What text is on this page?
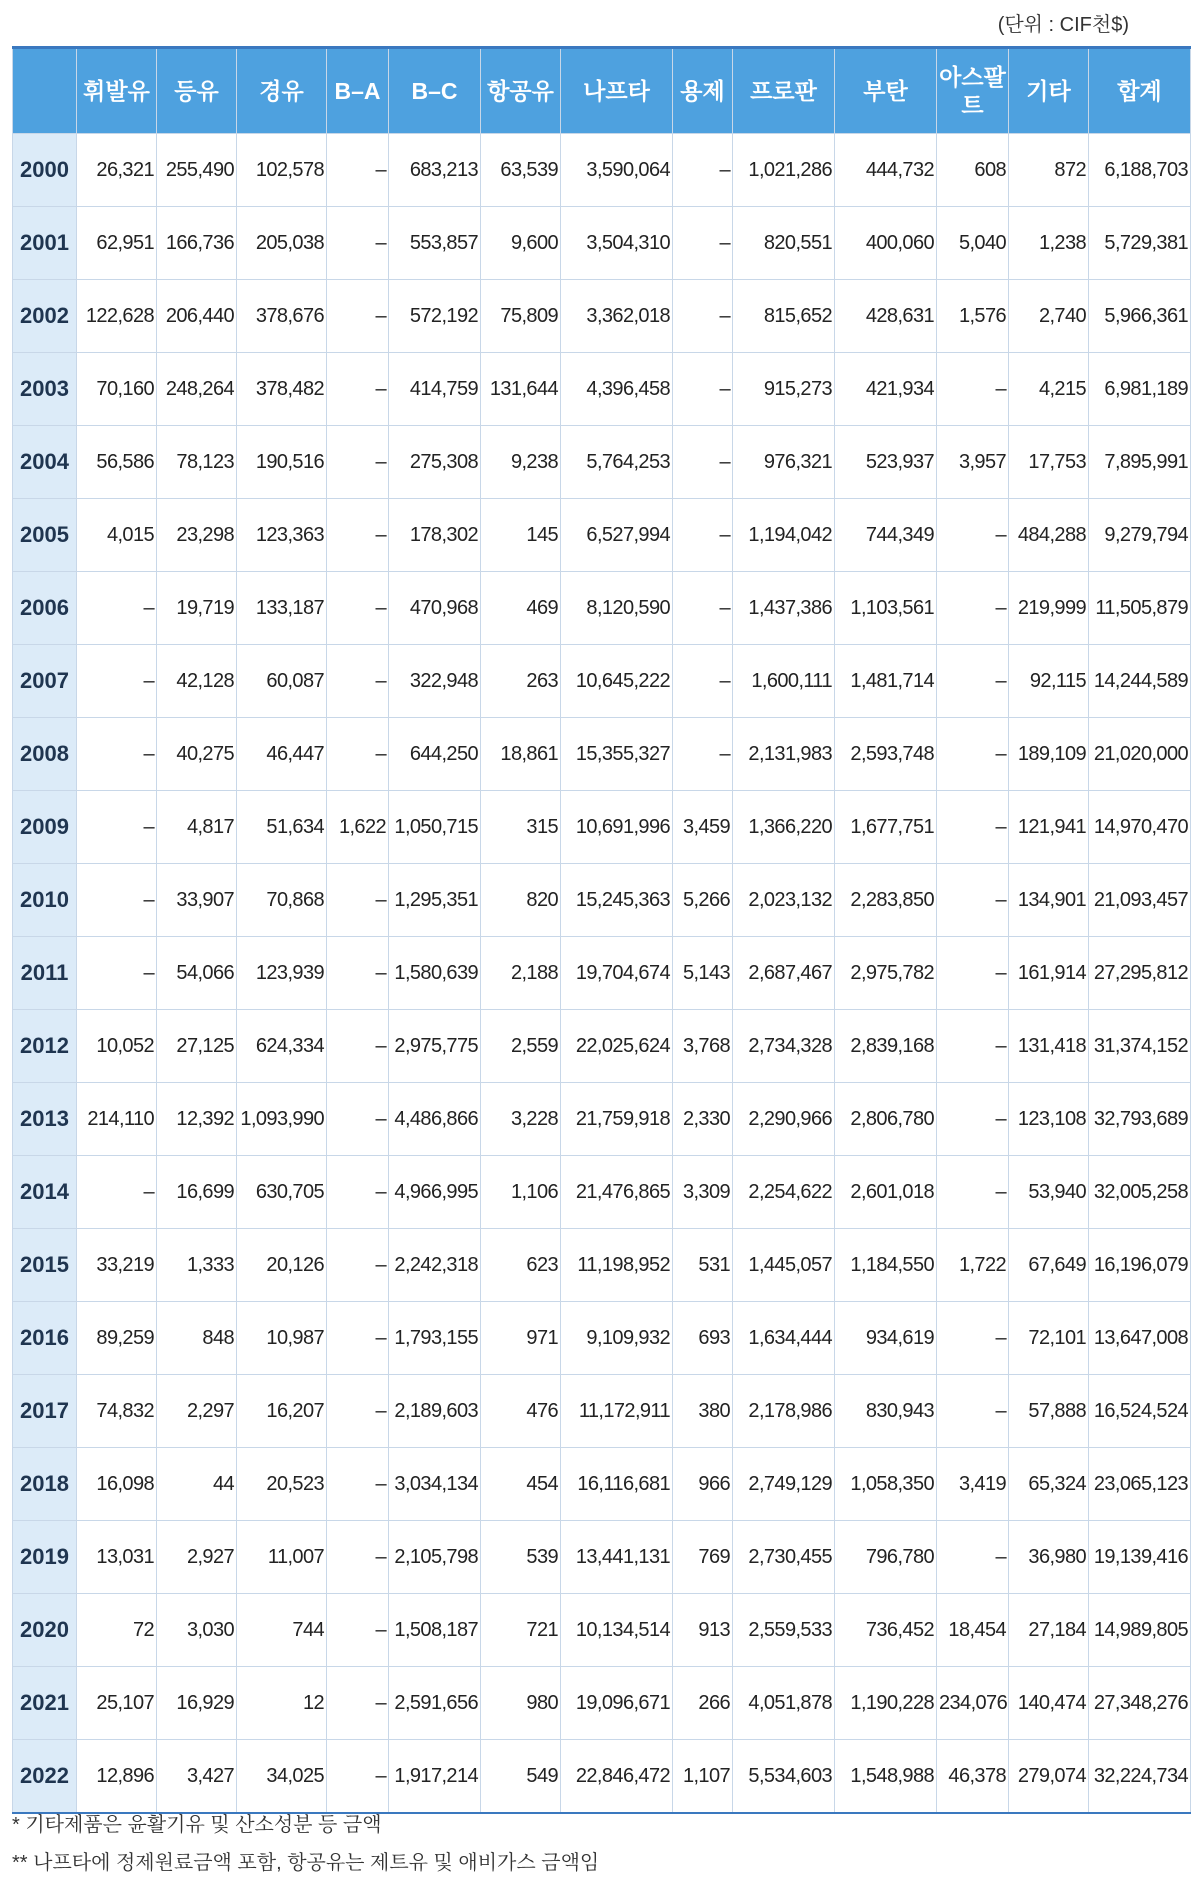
(단위 : CIF천$)
	휘발유	등유	경유	B–A	B–C	항공유	나프타	용제	프로판	부탄	아스팔트	기타	합계
2000	26,321	255,490	102,578	–	683,213	63,539	3,590,064	–	1,021,286	444,732	608	872	6,188,703
2001	62,951	166,736	205,038	–	553,857	9,600	3,504,310	–	820,551	400,060	5,040	1,238	5,729,381
2002	122,628	206,440	378,676	–	572,192	75,809	3,362,018	–	815,652	428,631	1,576	2,740	5,966,361
2003	70,160	248,264	378,482	–	414,759	131,644	4,396,458	–	915,273	421,934	–	4,215	6,981,189
2004	56,586	78,123	190,516	–	275,308	9,238	5,764,253	–	976,321	523,937	3,957	17,753	7,895,991
2005	4,015	23,298	123,363	–	178,302	145	6,527,994	–	1,194,042	744,349	–	484,288	9,279,794
2006	–	19,719	133,187	–	470,968	469	8,120,590	–	1,437,386	1,103,561	–	219,999	11,505,879
2007	–	42,128	60,087	–	322,948	263	10,645,222	–	1,600,111	1,481,714	–	92,115	14,244,589
2008	–	40,275	46,447	–	644,250	18,861	15,355,327	–	2,131,983	2,593,748	–	189,109	21,020,000
2009	–	4,817	51,634	1,622	1,050,715	315	10,691,996	3,459	1,366,220	1,677,751	–	121,941	14,970,470
2010	–	33,907	70,868	–	1,295,351	820	15,245,363	5,266	2,023,132	2,283,850	–	134,901	21,093,457
2011	–	54,066	123,939	–	1,580,639	2,188	19,704,674	5,143	2,687,467	2,975,782	–	161,914	27,295,812
2012	10,052	27,125	624,334	–	2,975,775	2,559	22,025,624	3,768	2,734,328	2,839,168	–	131,418	31,374,152
2013	214,110	12,392	1,093,990	–	4,486,866	3,228	21,759,918	2,330	2,290,966	2,806,780	–	123,108	32,793,689
2014	–	16,699	630,705	–	4,966,995	1,106	21,476,865	3,309	2,254,622	2,601,018	–	53,940	32,005,258
2015	33,219	1,333	20,126	–	2,242,318	623	11,198,952	531	1,445,057	1,184,550	1,722	67,649	16,196,079
2016	89,259	848	10,987	–	1,793,155	971	9,109,932	693	1,634,444	934,619	–	72,101	13,647,008
2017	74,832	2,297	16,207	–	2,189,603	476	11,172,911	380	2,178,986	830,943	–	57,888	16,524,524
2018	16,098	44	20,523	–	3,034,134	454	16,116,681	966	2,749,129	1,058,350	3,419	65,324	23,065,123
2019	13,031	2,927	11,007	–	2,105,798	539	13,441,131	769	2,730,455	796,780	–	36,980	19,139,416
2020	72	3,030	744	–	1,508,187	721	10,134,514	913	2,559,533	736,452	18,454	27,184	14,989,805
2021	25,107	16,929	12	–	2,591,656	980	19,096,671	266	4,051,878	1,190,228	234,076	140,474	27,348,276
2022	12,896	3,427	34,025	–	1,917,214	549	22,846,472	1,107	5,534,603	1,548,988	46,378	279,074	32,224,734
* 기타제품은 윤활기유 및 산소성분 등 금액
** 나프타에 정제원료금액 포함, 항공유는 제트유 및 애비가스 금액임
